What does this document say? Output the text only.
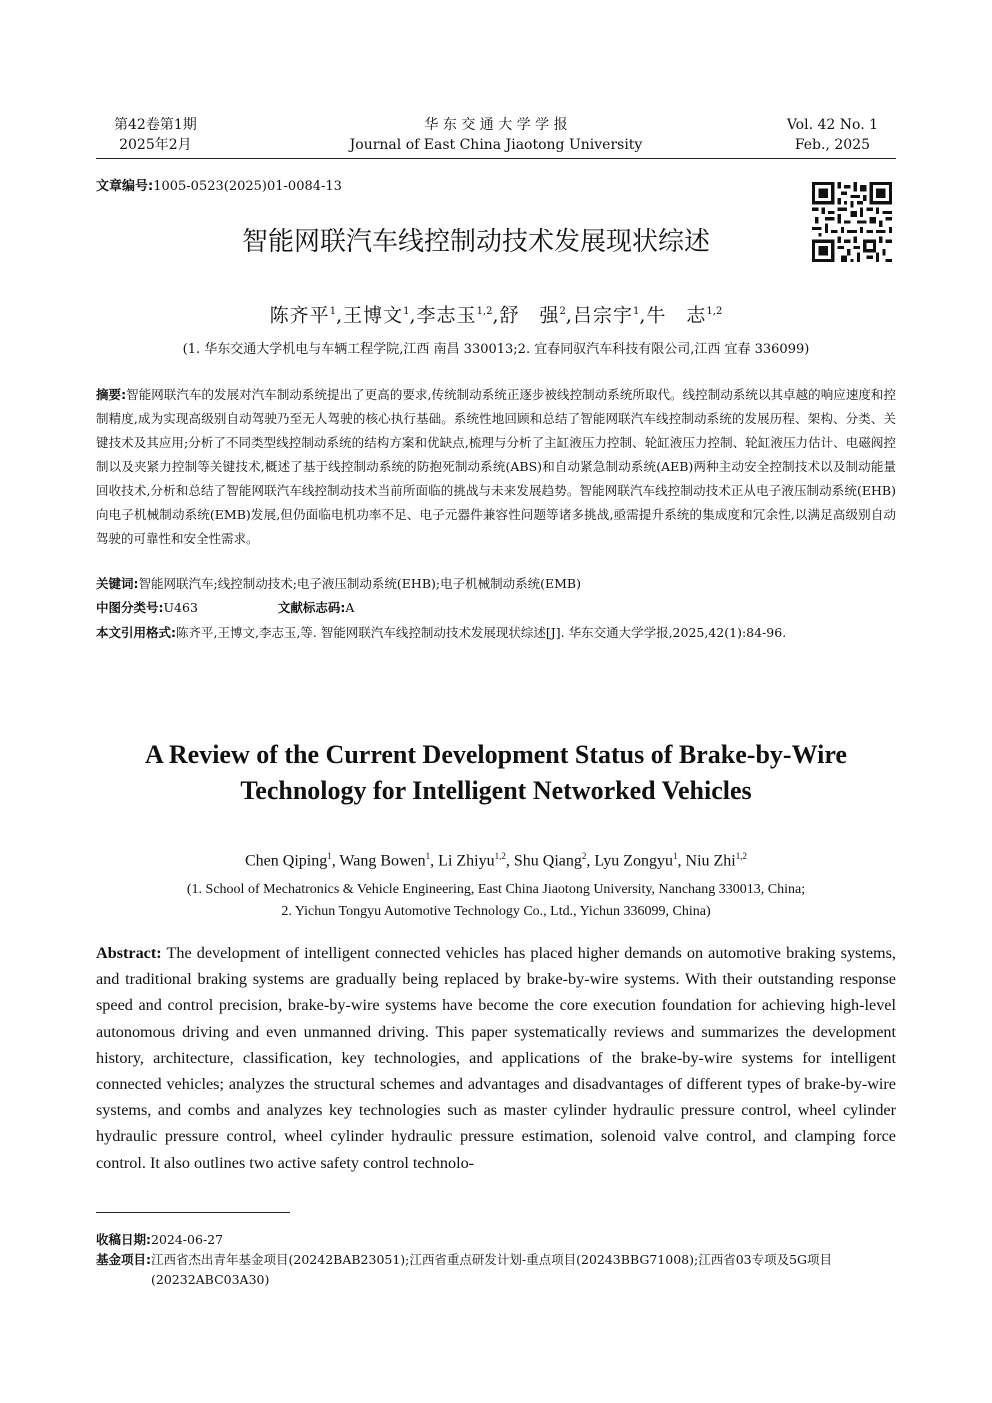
第42卷第1期
2025年2月
华 东 交 通 大 学 学 报
Journal of East China Jiaotong University
Vol. 42 No. 1
Feb., 2025
文章编号:1005-0523(2025)01-0084-13
智能网联汽车线控制动技术发展现状综述
陈齐平$^1$,王博文$^1$,李志玉$^{1,2}$,舒　强$^2$,吕宗宇$^1$,牛　志$^{1,2}$
(1. 华东交通大学机电与车辆工程学院,江西 南昌 330013;2. 宜春同驭汽车科技有限公司,江西 宜春 336099)
摘要:智能网联汽车的发展对汽车制动系统提出了更高的要求,传统制动系统正逐步被线控制动系统所取代。线控制动系统以其卓越的响应速度和控制精度,成为实现高级别自动驾驶乃至无人驾驶的核心执行基础。系统性地回顾和总结了智能网联汽车线控制动系统的发展历程、架构、分类、关键技术及其应用;分析了不同类型线控制动系统的结构方案和优缺点,梳理与分析了主缸液压力控制、轮缸液压力控制、轮缸液压力估计、电磁阀控制以及夹紧力控制等关键技术,概述了基于线控制动系统的防抱死制动系统(ABS)和自动紧急制动系统(AEB)两种主动安全控制技术以及制动能量回收技术,分析和总结了智能网联汽车线控制动技术当前所面临的挑战与未来发展趋势。智能网联汽车线控制动技术正从电子液压制动系统(EHB)向电子机械制动系统(EMB)发展,但仍面临电机功率不足、电子元器件兼容性问题等诸多挑战,亟需提升系统的集成度和冗余性,以满足高级别自动驾驶的可靠性和安全性需求。
关键词:智能网联汽车;线控制动技术;电子液压制动系统(EHB);电子机械制动系统(EMB)
中图分类号:U463	文献标志码:A
本文引用格式:陈齐平,王博文,李志玉,等. 智能网联汽车线控制动技术发展现状综述[J]. 华东交通大学学报,2025,42(1):84-96.
A Review of the Current Development Status of Brake-by-Wire
Technology for Intelligent Networked Vehicles
Chen Qiping$^1$, Wang Bowen$^1$, Li Zhiyu$^{1,2}$, Shu Qiang$^2$, Lyu Zongyu$^1$, Niu Zhi$^{1,2}$
(1. School of Mechatronics & Vehicle Engineering, East China Jiaotong University, Nanchang 330013, China;
2. Yichun Tongyu Automotive Technology Co., Ltd., Yichun 336099, China)
Abstract: The development of intelligent connected vehicles has placed higher demands on automotive braking systems, and traditional braking systems are gradually being replaced by brake-by-wire systems. With their outstanding response speed and control precision, brake-by-wire systems have become the core execution foundation for achieving high-level autonomous driving and even unmanned driving. This paper systematically reviews and summarizes the development history, architecture, classification, key technologies, and applications of the brake-by-wire systems for intelligent connected vehicles; analyzes the structural schemes and advantages and disadvantages of different types of brake-by-wire systems, and combs and analyzes key technologies such as master cylinder hydraulic pressure control, wheel cylinder hydraulic pressure control, wheel cylinder hydraulic pressure estimation, solenoid valve control, and clamping force control. It also outlines two active safety control technolo-
收稿日期:2024-06-27
基金项目:江西省杰出青年基金项目(20242BAB23051);江西省重点研发计划-重点项目(20243BBG71008);江西省03专项及5G项目(20232ABC03A30)
